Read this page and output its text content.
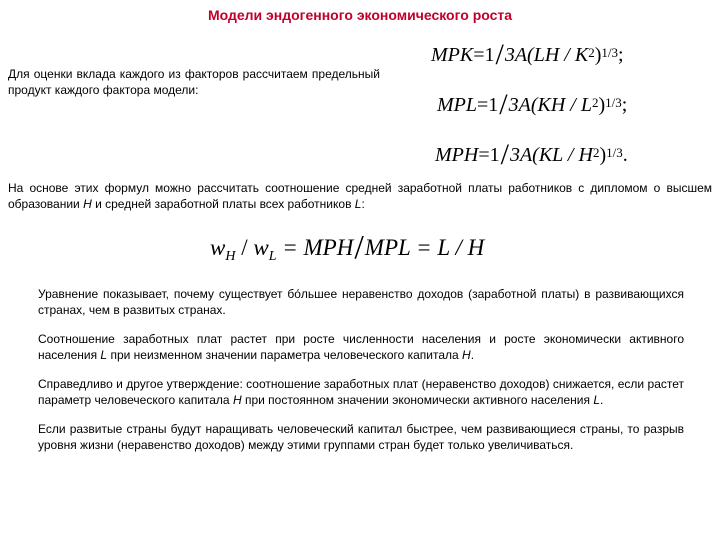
Модели эндогенного экономического роста
Для оценки вклада каждого из факторов рассчитаем предельный продукт каждого фактора модели:
$MPK=1/3A(LH / K^2)^{1/3}$;
$MPL=1/3A(KH / L^2)^{1/3}$;
$MPH=1/3A(KL / H^2)^{1/3}$.
На основе этих формул можно рассчитать соотношение средней заработной платы работников с дипломом о высшем образовании H и средней заработной платы всех работников L:
$w_H / w_L = MPH/MPL = L / H$

Уравнение показывает, почему существует бо́льшее неравенство доходов (заработной платы) в развивающихся странах, чем в развитых странах.

Соотношение заработных плат растет при росте численности населения и росте экономически активного населения L при неизменном значении параметра человеческого капитала H.

Справедливо и другое утверждение: соотношение заработных плат (неравенство доходов) снижается, если растет параметр человеческого капитала H при постоянном значении экономически активного населения L.

Если развитые страны будут наращивать человеческий капитал быстрее, чем развивающиеся страны, то разрыв уровня жизни (неравенство доходов) между этими группами стран будет только увеличиваться.
